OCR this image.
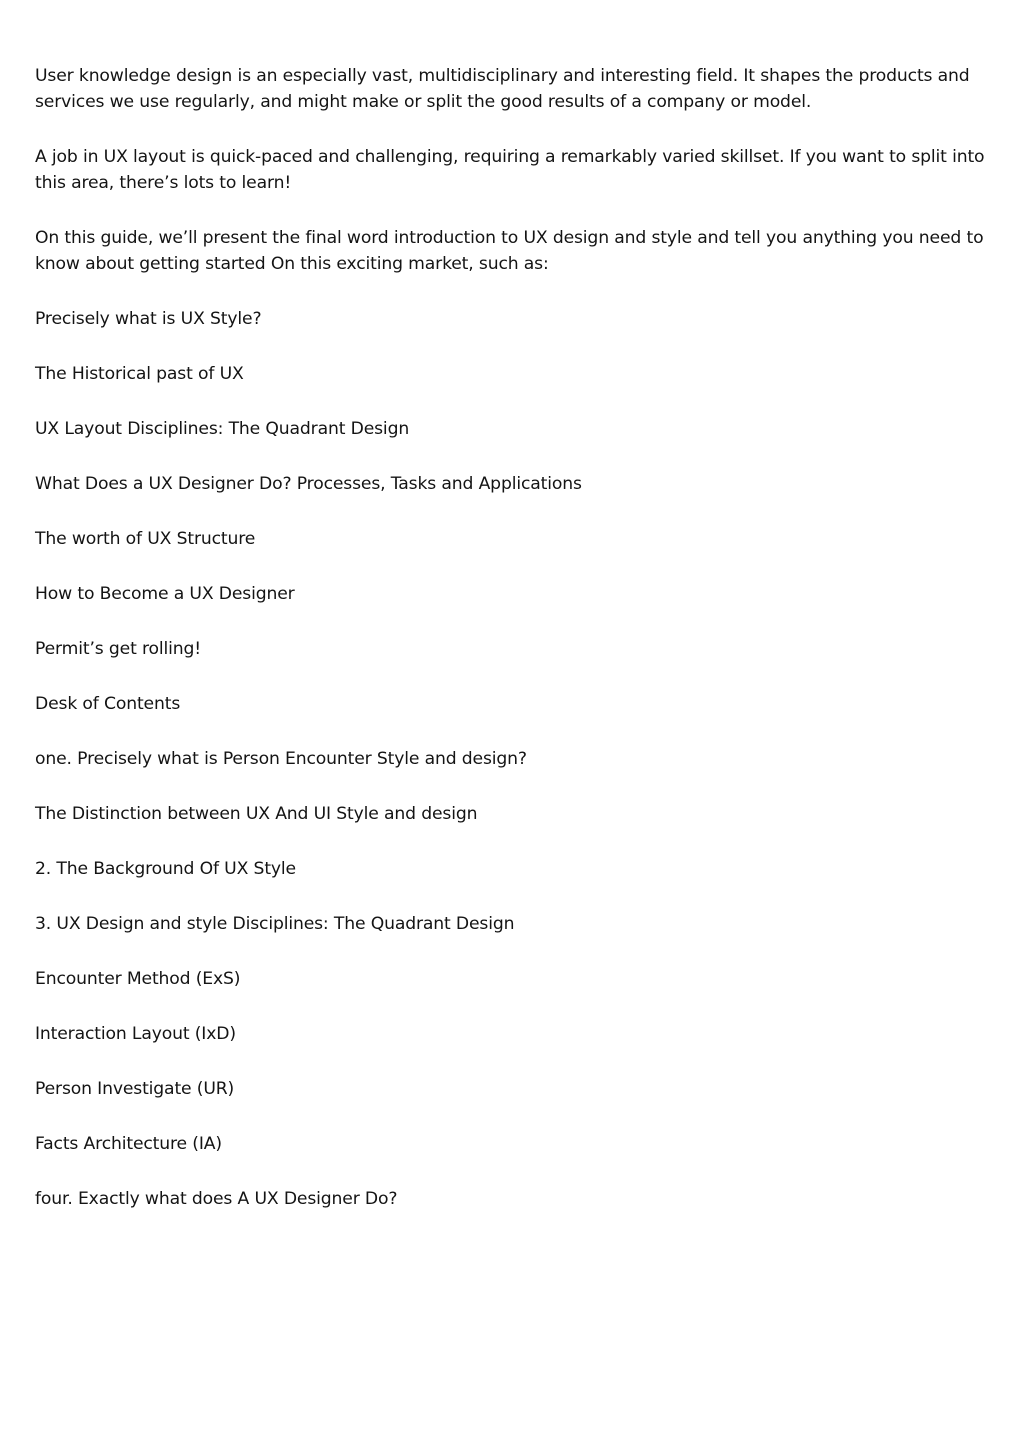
User knowledge design is an especially vast, multidisciplinary and interesting field. It shapes the products and services we use regularly, and might make or split the good results of a company or model.

A job in UX layout is quick-paced and challenging, requiring a remarkably varied skillset. If you want to split into this area, there’s lots to learn!

On this guide, we’ll present the final word introduction to UX design and style and tell you anything you need to know about getting started On this exciting market, such as:

Precisely what is UX Style?

The Historical past of UX

UX Layout Disciplines: The Quadrant Design

What Does a UX Designer Do? Processes, Tasks and Applications

The worth of UX Structure

How to Become a UX Designer

Permit’s get rolling!

Desk of Contents

one. Precisely what is Person Encounter Style and design?

The Distinction between UX And UI Style and design

2. The Background Of UX Style

3. UX Design and style Disciplines: The Quadrant Design

Encounter Method (ExS)

Interaction Layout (IxD)

Person Investigate (UR)

Facts Architecture (IA)

four. Exactly what does A UX Designer Do?
